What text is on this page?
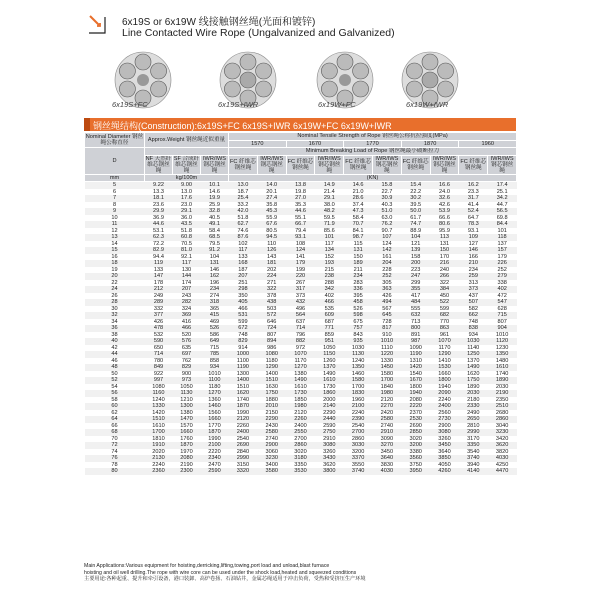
6x19S or 6x19W 线接触钢丝绳(光面和镀锌)
Line Contacted Wire Rope (Ungalvanized and Galvanized)
6x19S+FC	6x19S+IWR	6x19W+FC	6x19W+IWR
钢丝绳结构(Construction):6x19S+FC 6x19S+IWR 6x19W+FC 6x19W+IWR
Nominal Diameter 钢丝绳公称直径	Approx.Weight 钢丝绳近似重量			Nominal Tensile Strength of Rope 钢丝绳公称抗拉强度(MPa)									
				1570		1670		1770		1870		1960	
D				Minimum Breaking Load of Rope 钢丝绳最小破断拉力									
	NF 天然纤维芯钢丝绳	SF 合成纤维芯钢丝绳	IWR/IWS 钢芯钢丝绳	FC 纤维芯钢丝绳	IWR/IWS 钢芯钢丝绳	FC 纤维芯钢丝绳	IWR/IWS 钢芯钢丝绳	FC 纤维芯钢丝绳	IWR/IWS 钢芯钢丝绳	FC 纤维芯钢丝绳	IWR/IWS 钢芯钢丝绳	FC 纤维芯钢丝绳	IWR/IWS 钢芯钢丝绳
mm	kg/100m			(KN)									
5	9.22	9.00	10.1	13.0	14.0	13.8	14.9	14.6	15.8	15.4	16.6	16.2	17.4
6	13.3	13.0	14.6	18.7	20.1	19.8	21.4	21.0	22.7	22.2	24.0	23.3	25.1
7	18.1	17.6	19.9	25.4	27.4	27.0	29.1	28.6	30.9	30.2	32.6	31.7	34.2
8	23.6	23.0	25.9	33.2	35.8	35.3	38.0	37.4	40.3	39.5	42.6	41.4	44.7
9	29.9	29.1	32.8	42.0	45.3	44.6	48.2	47.3	51.0	50.0	53.9	52.4	56.5
10	36.9	36.0	40.5	51.8	55.9	55.1	59.5	58.4	63.0	61.7	66.6	64.7	69.8
11	44.6	43.5	49.1	62.7	67.6	66.7	71.9	70.7	76.2	74.7	80.6	78.3	84.4
12	53.1	51.8	58.4	74.6	80.5	79.4	85.6	84.1	90.7	88.9	95.9	93.1	101
13	62.3	60.8	68.5	87.6	94.5	93.1	101	98.7	107	104	113	109	118
14	72.2	70.5	79.5	102	110	108	117	115	124	121	131	127	137
15	82.9	81.0	91.2	117	126	124	134	131	142	139	150	146	157
16	94.4	92.1	104	133	143	141	152	150	161	158	170	166	179
18	119	117	131	168	181	179	193	189	204	200	216	210	226
19	133	130	146	187	202	199	215	211	228	223	240	234	252
20	147	144	162	207	224	220	238	234	252	247	266	259	279
22	178	174	196	251	271	267	288	283	305	299	322	313	338
24	212	207	234	298	322	317	342	336	363	355	384	373	402
26	249	243	274	350	378	373	402	395	426	417	450	437	472
28	289	282	318	405	438	432	466	458	494	484	522	507	547
30	332	324	365	466	503	496	535	526	567	555	599	582	628
32	377	369	415	531	572	564	609	598	645	632	682	662	715
34	426	416	469	599	646	637	687	675	728	713	770	748	807
36	478	466	526	672	724	714	771	757	817	800	863	838	904
38	532	520	586	748	807	796	859	843	910	891	961	934	1010
40	590	576	649	829	894	882	951	935	1010	987	1070	1030	1120
42	650	635	715	914	986	972	1050	1030	1110	1090	1170	1140	1230
44	714	697	785	1000	1080	1070	1150	1130	1220	1190	1290	1250	1350
46	780	762	858	1100	1180	1170	1260	1240	1330	1310	1410	1370	1480
48	849	829	934	1190	1290	1270	1370	1350	1450	1420	1530	1490	1610
50	922	900	1010	1300	1400	1380	1490	1460	1580	1540	1660	1620	1740
52	997	973	1100	1400	1510	1490	1610	1580	1700	1670	1800	1750	1890
54	1080	1050	1180	1510	1630	1610	1730	1700	1840	1800	1940	1890	2030
56	1160	1130	1270	1620	1750	1730	1860	1830	1980	1940	2090	2030	2190
58	1240	1210	1360	1740	1880	1850	2000	1960	2120	2080	2240	2180	2350
60	1330	1300	1460	1870	2010	1980	2140	2100	2270	2220	2400	2330	2510
62	1420	1380	1560	1990	2150	2120	2290	2240	2420	2370	2560	2490	2680
64	1510	1470	1660	2120	2290	2260	2440	2390	2580	2530	2730	2650	2860
66	1610	1570	1770	2260	2430	2400	2590	2540	2740	2690	2900	2810	3040
68	1700	1660	1870	2400	2580	2550	2750	2700	2910	2850	3080	2990	3230
70	1810	1760	1990	2540	2740	2700	2910	2860	3090	3020	3260	3170	3420
72	1910	1870	2100	2690	2900	2860	3080	3030	3270	3200	3450	3350	3620
74	2020	1970	2220	2840	3060	3020	3260	3200	3450	3380	3640	3540	3820
76	2130	2080	2340	2990	3230	3180	3430	3370	3640	3560	3850	3740	4030
78	2240	2190	2470	3150	3400	3350	3620	3550	3830	3750	4050	3940	4250
80	2360	2300	2590	3320	3580	3530	3800	3740	4030	3950	4260	4140	4470
Main Applications:Various equipment for hoisting,derricking,lifting,towing,port load and unload,blast furnace
hoisting and oil well drilling.The rope with wire core can be used under the shock load,heated and squeezed conditions
主要用途:各种起重、提升和牵引设备，港口装卸、高炉卷扬、石油钻井，金属芯绳适用于冲击负荷，受热和受挤压生产环境
